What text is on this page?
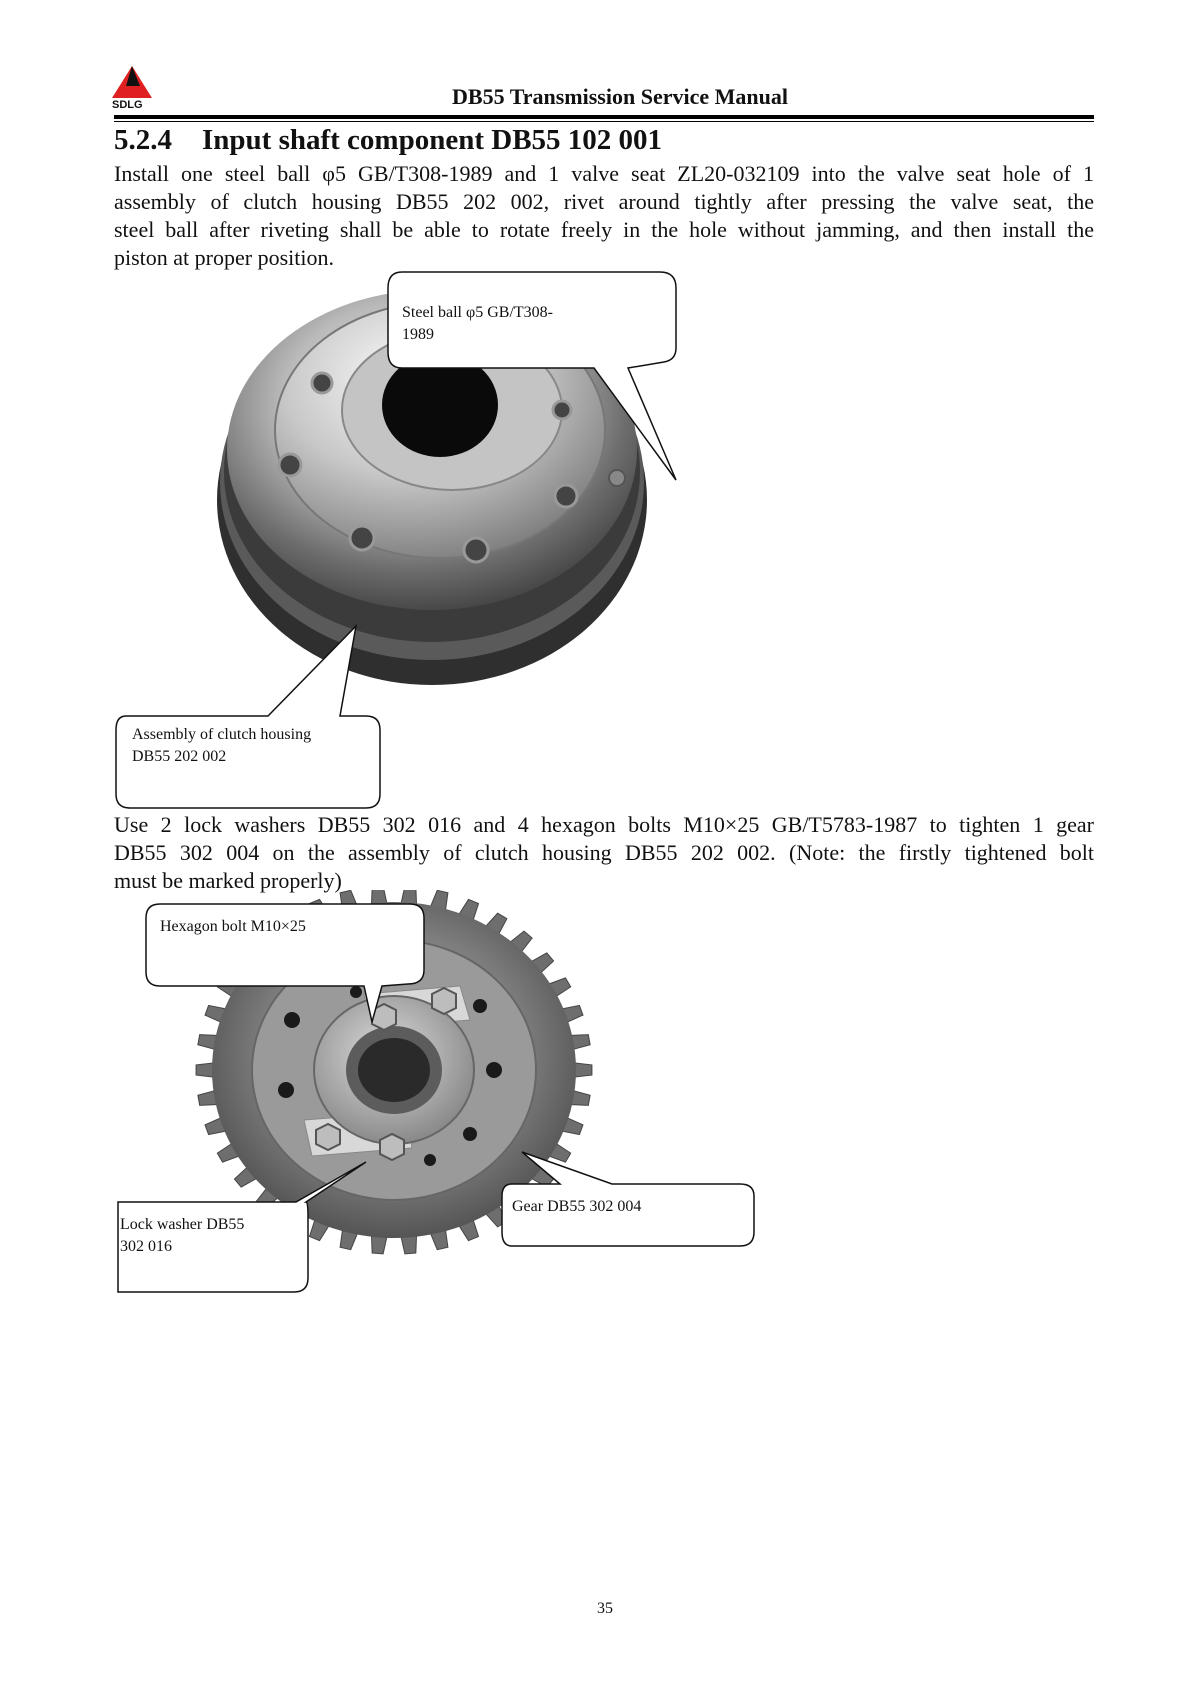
SDLG	DB55 Transmission Service Manual
5.2.4 Input shaft component DB55 102 001
Install one steel ball φ5 GB/T308-1989 and 1 valve seat ZL20-032109 into the valve seat hole of 1
assembly of clutch housing DB55 202 002, rivet around tightly after pressing the valve seat, the
steel ball after riveting shall be able to rotate freely in the hole without jamming, and then install the
piston at proper position.
Steel ball φ5 GB/T308-
1989
Assembly of clutch housing
DB55 202 002
Use 2 lock washers DB55 302 016 and 4 hexagon bolts M10×25 GB/T5783-1987 to tighten 1 gear
DB55 302 004 on the assembly of clutch housing DB55 202 002. (Note: the firstly tightened bolt
must be marked properly)
Hexagon bolt M10×25
Gear DB55 302 004
Lock washer DB55
302 016
35
